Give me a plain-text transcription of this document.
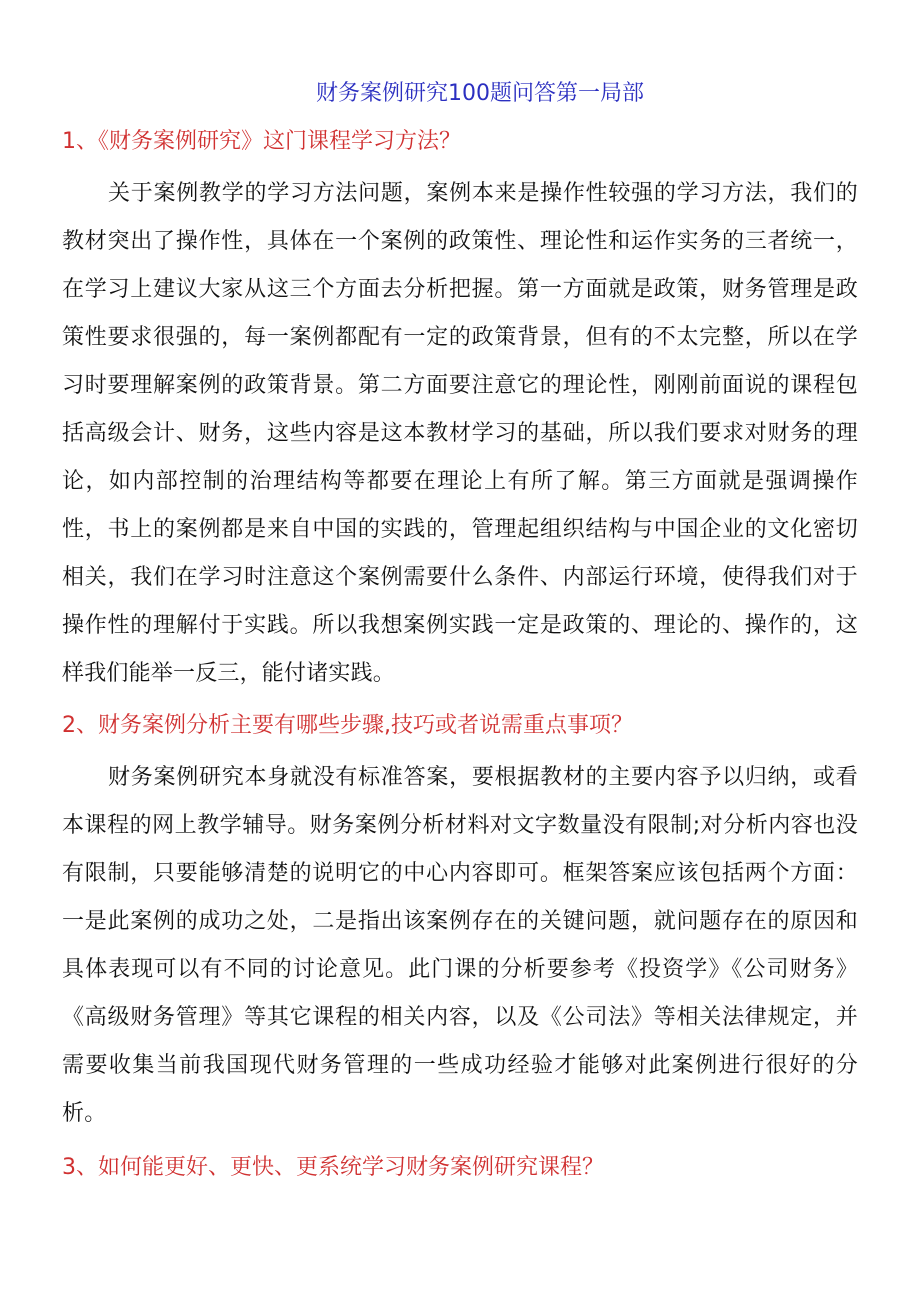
财务案例研究100题问答第一局部
1、《财务案例研究》这门课程学习方法？

关于案例教学的学习方法问题，案例本来是操作性较强的学习方法，我们的教材突出了操作性，具体在一个案例的政策性、理论性和运作实务的三者统一，在学习上建议大家从这三个方面去分析把握。第一方面就是政策，财务管理是政策性要求很强的，每一案例都配有一定的政策背景，但有的不太完整，所以在学习时要理解案例的政策背景。第二方面要注意它的理论性，刚刚前面说的课程包括高级会计、财务，这些内容是这本教材学习的基础，所以我们要求对财务的理论，如内部控制的治理结构等都要在理论上有所了解。第三方面就是强调操作性，书上的案例都是来自中国的实践的，管理起组织结构与中国企业的文化密切相关，我们在学习时注意这个案例需要什么条件、内部运行环境，使得我们对于操作性的理解付于实践。所以我想案例实践一定是政策的、理论的、操作的，这样我们能举一反三，能付诸实践。

2、财务案例分析主要有哪些步骤,技巧或者说需重点事项？

财务案例研究本身就没有标准答案，要根据教材的主要内容予以归纳，或看本课程的网上教学辅导。财务案例分析材料对文字数量没有限制;对分析内容也没有限制，只要能够清楚的说明它的中心内容即可。框架答案应该包括两个方面：一是此案例的成功之处，二是指出该案例存在的关键问题，就问题存在的原因和具体表现可以有不同的讨论意见。此门课的分析要参考《投资学》《公司财务》《高级财务管理》等其它课程的相关内容，以及《公司法》等相关法律规定，并需要收集当前我国现代财务管理的一些成功经验才能够对此案例进行很好的分析。

3、如何能更好、更快、更系统学习财务案例研究课程？
